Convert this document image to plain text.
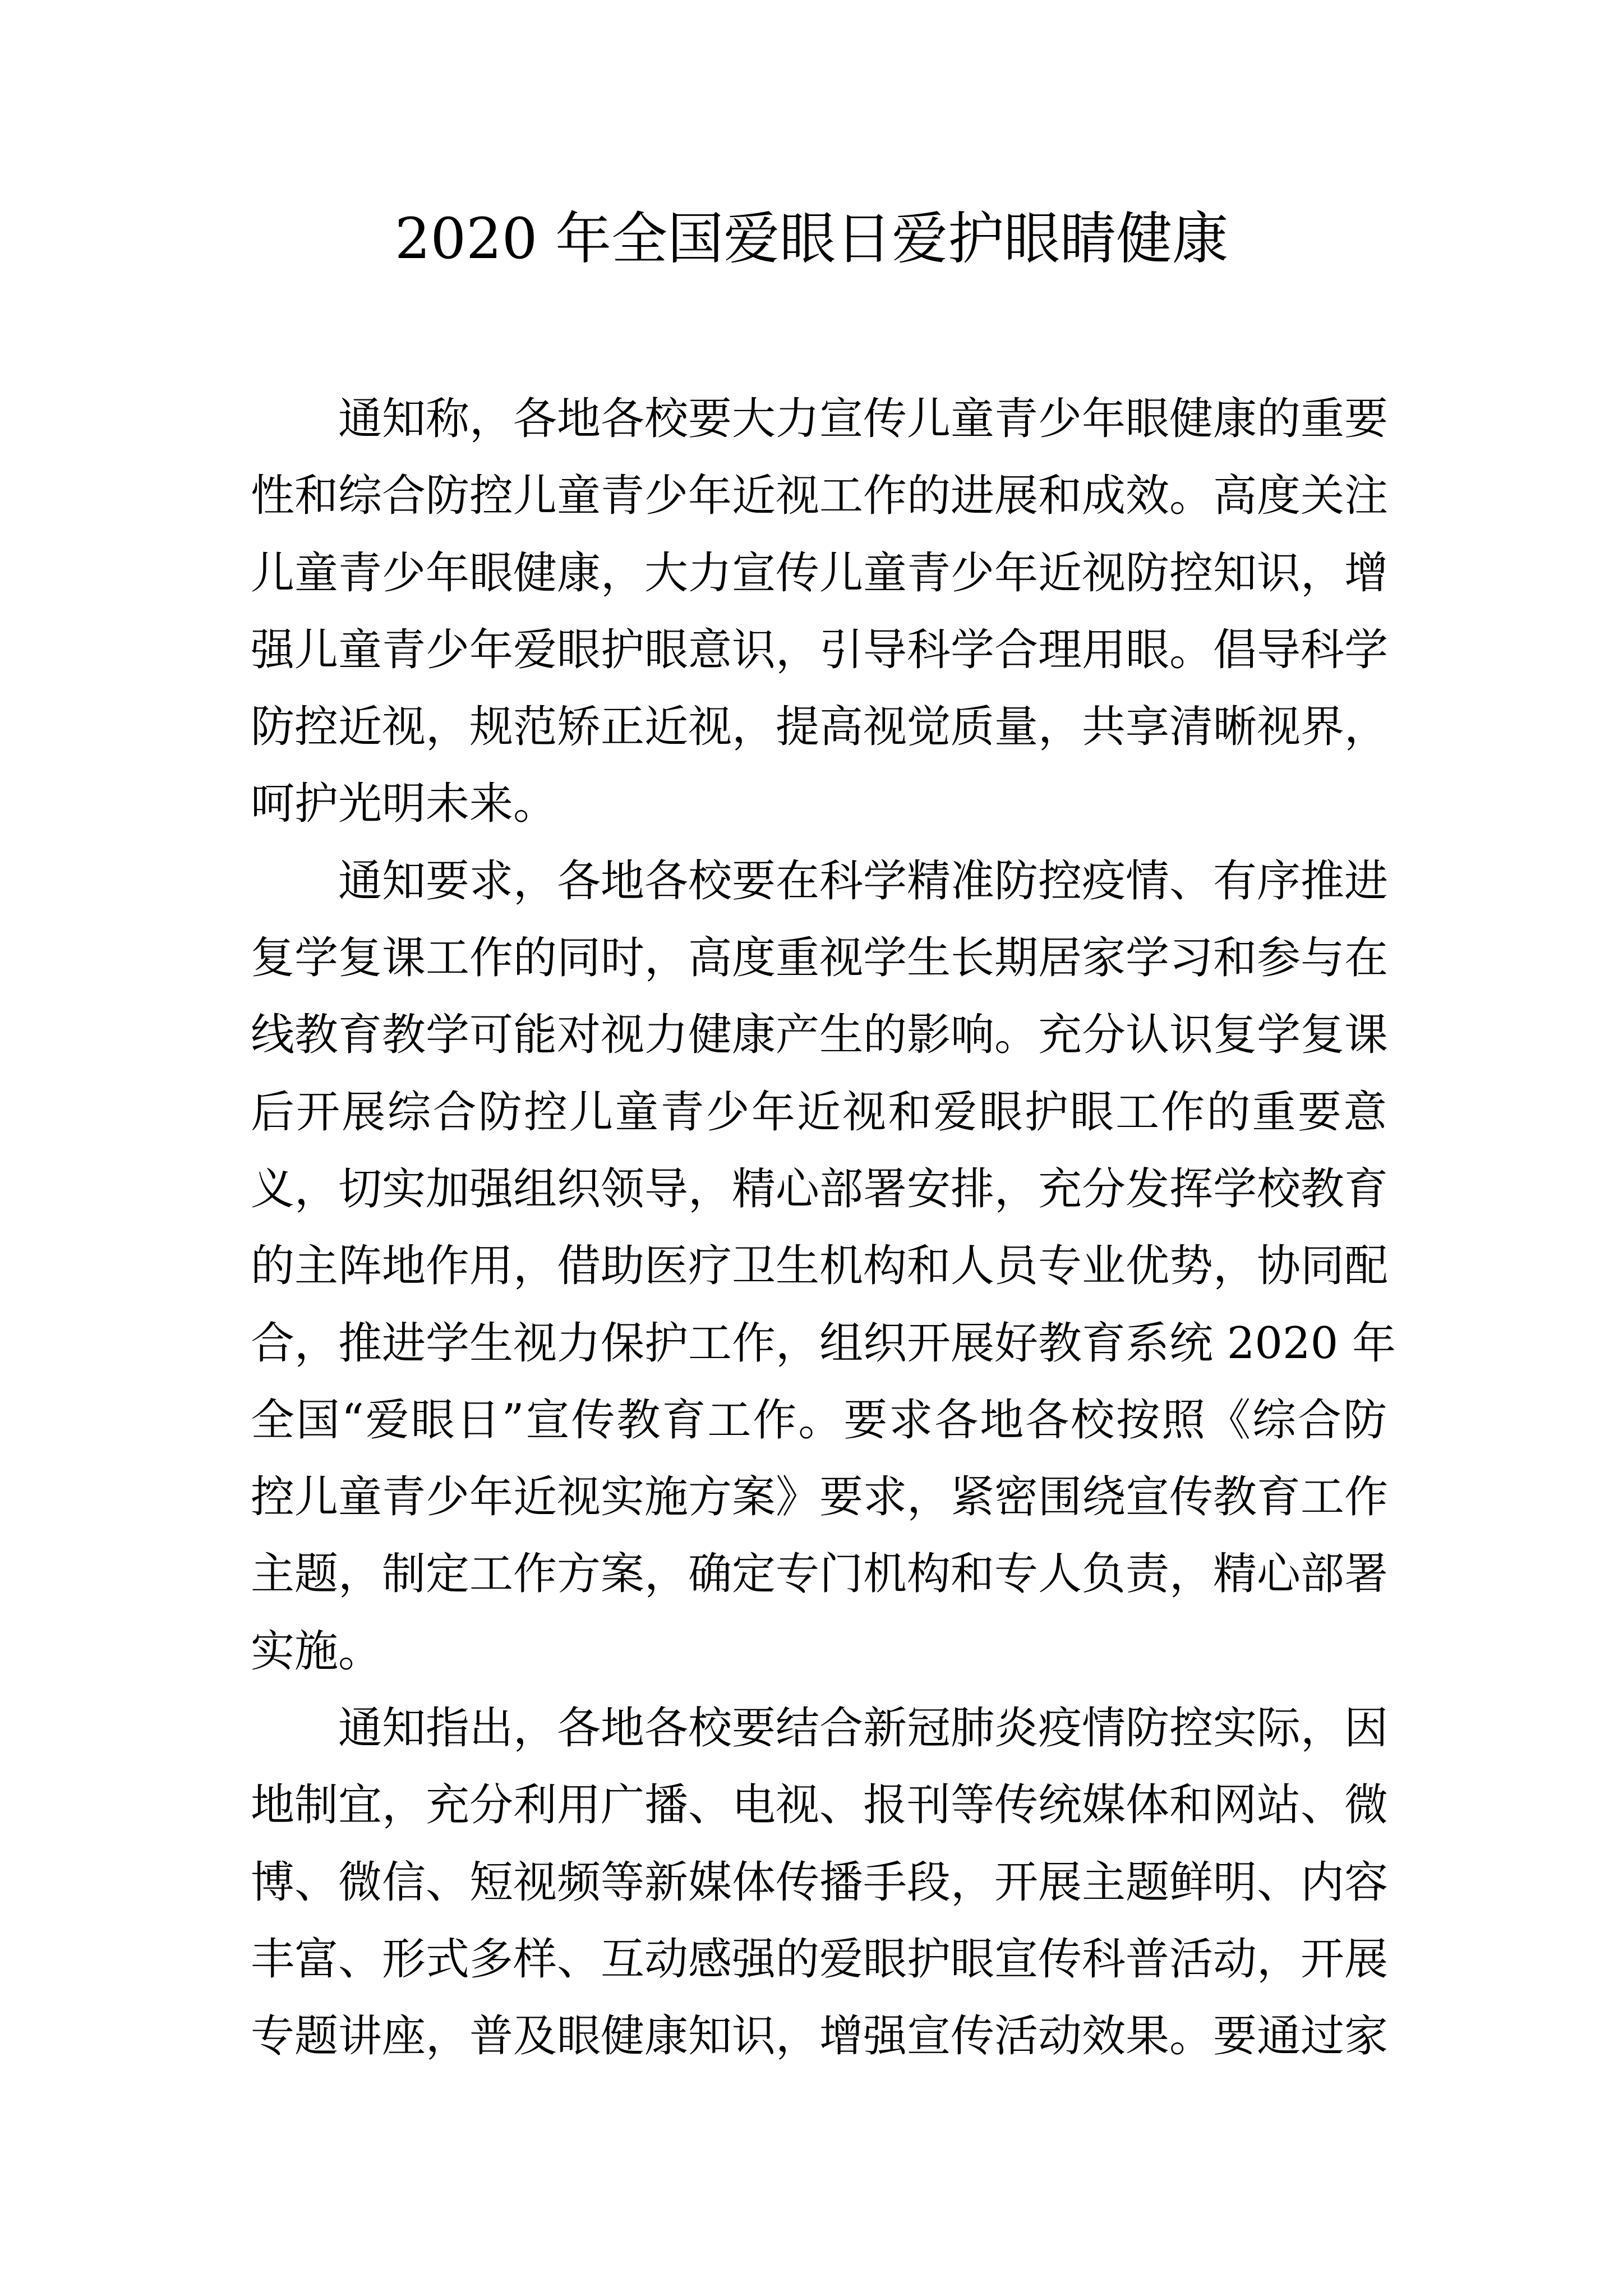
2020 年全国爱眼日爱护眼睛健康
通知称，各地各校要大力宣传儿童青少年眼健康的重要
性和综合防控儿童青少年近视工作的进展和成效。高度关注
儿童青少年眼健康，大力宣传儿童青少年近视防控知识，增
强儿童青少年爱眼护眼意识，引导科学合理用眼。倡导科学
防控近视，规范矫正近视，提高视觉质量，共享清晰视界，
呵护光明未来。
通知要求，各地各校要在科学精准防控疫情、有序推进
复学复课工作的同时，高度重视学生长期居家学习和参与在
线教育教学可能对视力健康产生的影响。充分认识复学复课
后开展综合防控儿童青少年近视和爱眼护眼工作的重要意
义，切实加强组织领导，精心部署安排，充分发挥学校教育
的主阵地作用，借助医疗卫生机构和人员专业优势，协同配
合，推进学生视力保护工作，组织开展好教育系统 2020 年
全国“爱眼日”宣传教育工作。要求各地各校按照《综合防
控儿童青少年近视实施方案》要求，紧密围绕宣传教育工作
主题，制定工作方案，确定专门机构和专人负责，精心部署
实施。
通知指出，各地各校要结合新冠肺炎疫情防控实际，因
地制宜，充分利用广播、电视、报刊等传统媒体和网站、微
博、微信、短视频等新媒体传播手段，开展主题鲜明、内容
丰富、形式多样、互动感强的爱眼护眼宣传科普活动，开展
专题讲座，普及眼健康知识，增强宣传活动效果。要通过家
